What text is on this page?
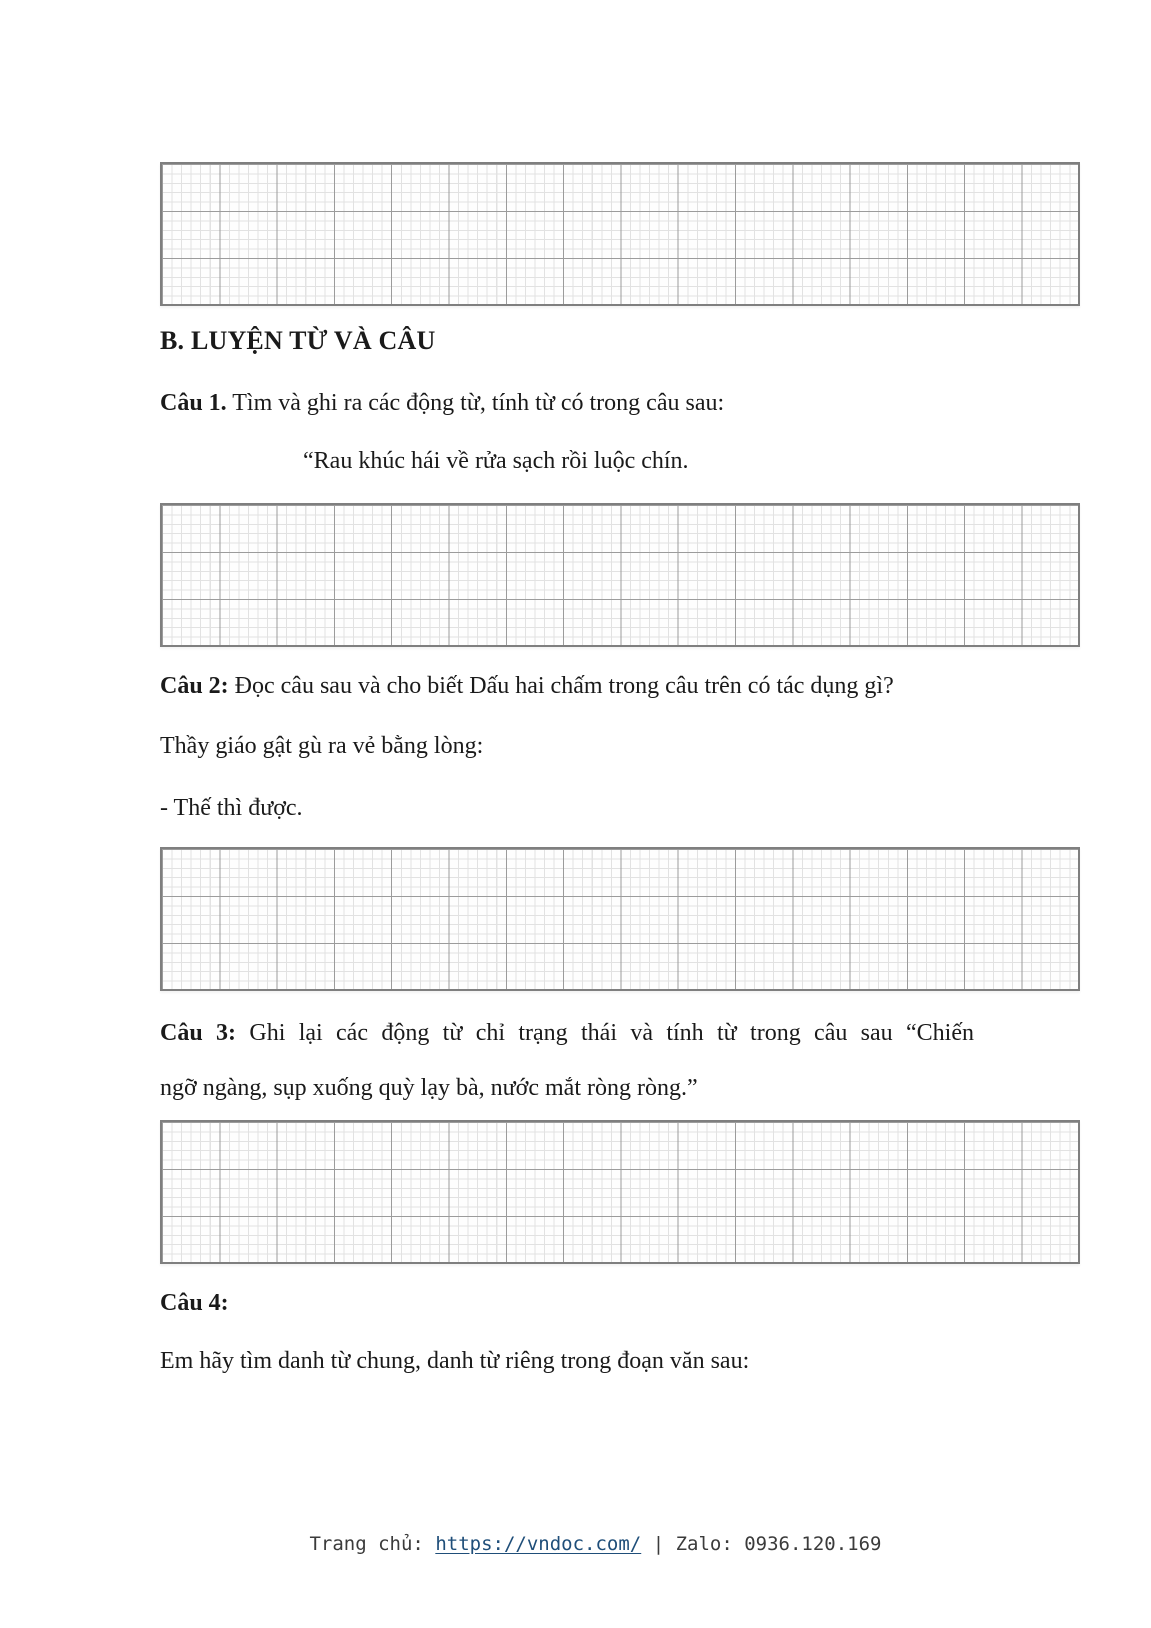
B. LUYỆN TỪ VÀ CÂU

Câu 1. Tìm và ghi ra các động từ, tính từ có trong câu sau:

“Rau khúc hái về rửa sạch rồi luộc chín.

Câu 2: Đọc câu sau và cho biết Dấu hai chấm trong câu trên có tác dụng gì?

Thầy giáo gật gù ra vẻ bằng lòng:

- Thế thì được.

Câu 3: Ghi lại các động từ chỉ trạng thái và tính từ trong câu sau “Chiến

ngỡ ngàng, sụp xuống quỳ lạy bà, nước mắt ròng ròng.”

Câu 4:

Em hãy tìm danh từ chung, danh từ riêng trong đoạn văn sau:

Trang chủ: https://vndoc.com/ | Zalo: 0936.120.169
